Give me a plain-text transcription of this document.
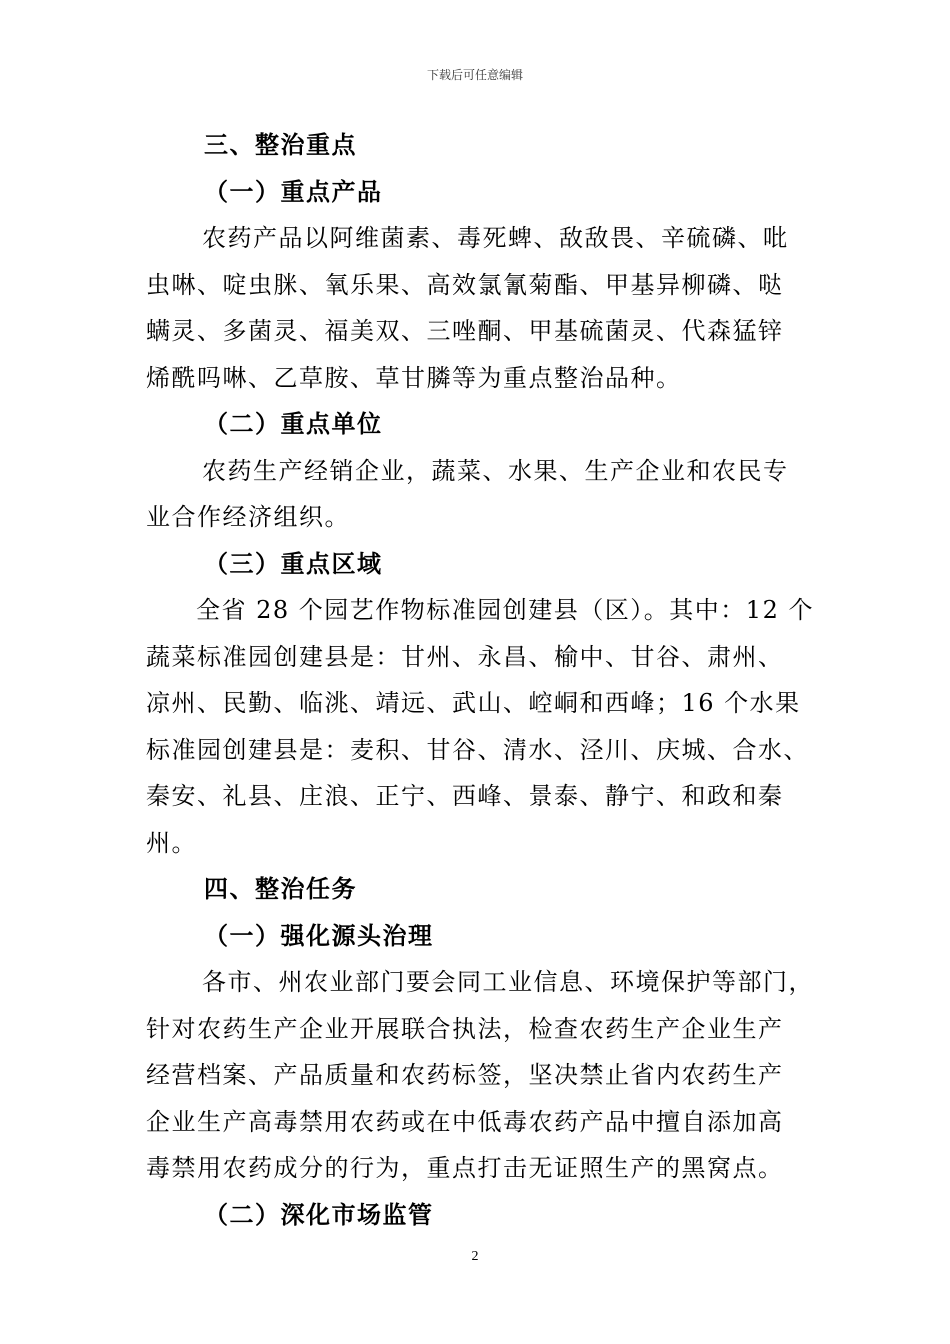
下载后可任意编辑
三、整治重点
（一）重点产品
农药产品以阿维菌素、毒死蜱、敌敌畏、辛硫磷、吡
虫啉、啶虫脒、氧乐果、高效氯氰菊酯、甲基异柳磷、哒
螨灵、多菌灵、福美双、三唑酮、甲基硫菌灵、代森猛锌
烯酰吗啉、乙草胺、草甘膦等为重点整治品种。
（二）重点单位
农药生产经销企业，蔬菜、水果、生产企业和农民专
业合作经济组织。
（三）重点区域
全省 28 个园艺作物标准园创建县（区）。其中：12 个
蔬菜标准园创建县是：甘州、永昌、榆中、甘谷、肃州、
凉州、民勤、临洮、靖远、武山、崆峒和西峰；16 个水果
标准园创建县是：麦积、甘谷、清水、泾川、庆城、合水、
秦安、礼县、庄浪、正宁、西峰、景泰、静宁、和政和秦
州。
四、整治任务
（一）强化源头治理
各市、州农业部门要会同工业信息、环境保护等部门，
针对农药生产企业开展联合执法，检查农药生产企业生产
经营档案、产品质量和农药标签，坚决禁止省内农药生产
企业生产高毒禁用农药或在中低毒农药产品中擅自添加高
毒禁用农药成分的行为，重点打击无证照生产的黑窝点。
（二）深化市场监管
2
